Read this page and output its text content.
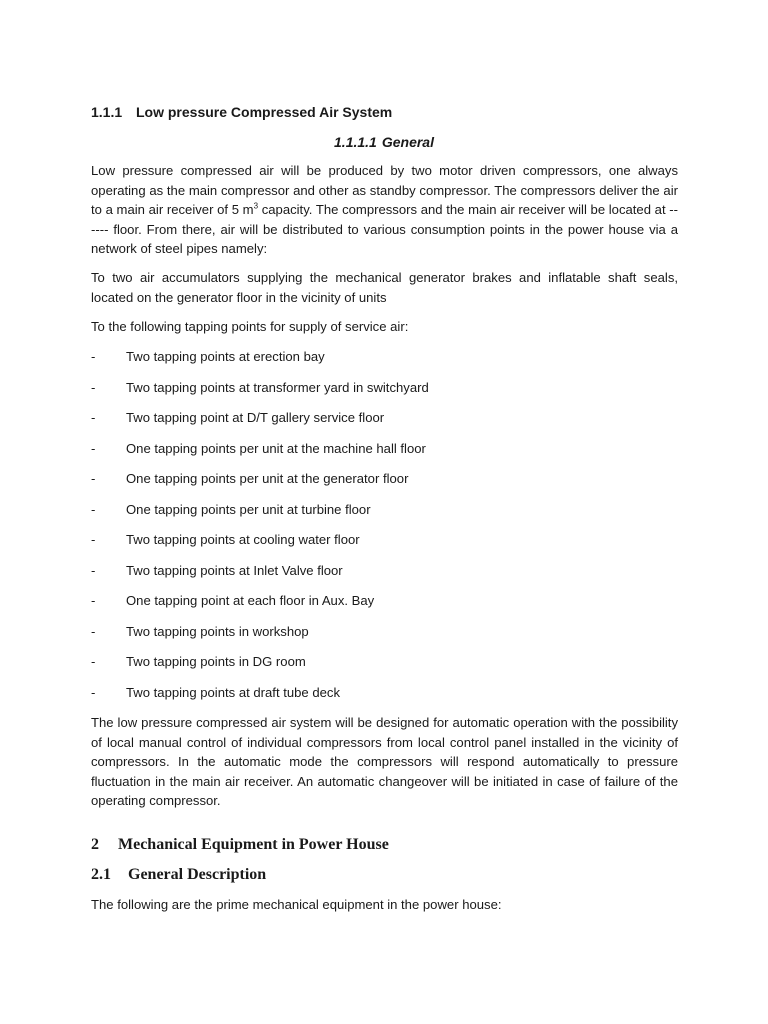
1.1.1 Low pressure Compressed Air System
1.1.1.1 General
Low pressure compressed air will be produced by two motor driven compressors, one always operating as the main compressor and other as standby compressor. The compressors deliver the air to a main air receiver of 5 $m^3$ capacity. The compressors and the main air receiver will be located at ------ floor. From there, air will be distributed to various consumption points in the power house via a network of steel pipes namely:
To two air accumulators supplying the mechanical generator brakes and inflatable shaft seals, located on the generator floor in the vicinity of units
To the following tapping points for supply of service air:
- Two tapping points at erection bay
- Two tapping points at transformer yard in switchyard
- Two tapping point at D/T gallery service floor
- One tapping points per unit at the machine hall floor
- One tapping points per unit at the generator floor
- One tapping points per unit at turbine floor
- Two tapping points at cooling water floor
- Two tapping points at Inlet Valve floor
- One tapping point at each floor in Aux. Bay
- Two tapping points in workshop
- Two tapping points in DG room
- Two tapping points at draft tube deck
The low pressure compressed air system will be designed for automatic operation with the possibility of local manual control of individual compressors from local control panel installed in the vicinity of compressors. In the automatic mode the compressors will respond automatically to pressure fluctuation in the main air receiver. An automatic changeover will be initiated in case of failure of the operating compressor.
2 Mechanical Equipment in Power House
2.1 General Description
The following are the prime mechanical equipment in the power house:
